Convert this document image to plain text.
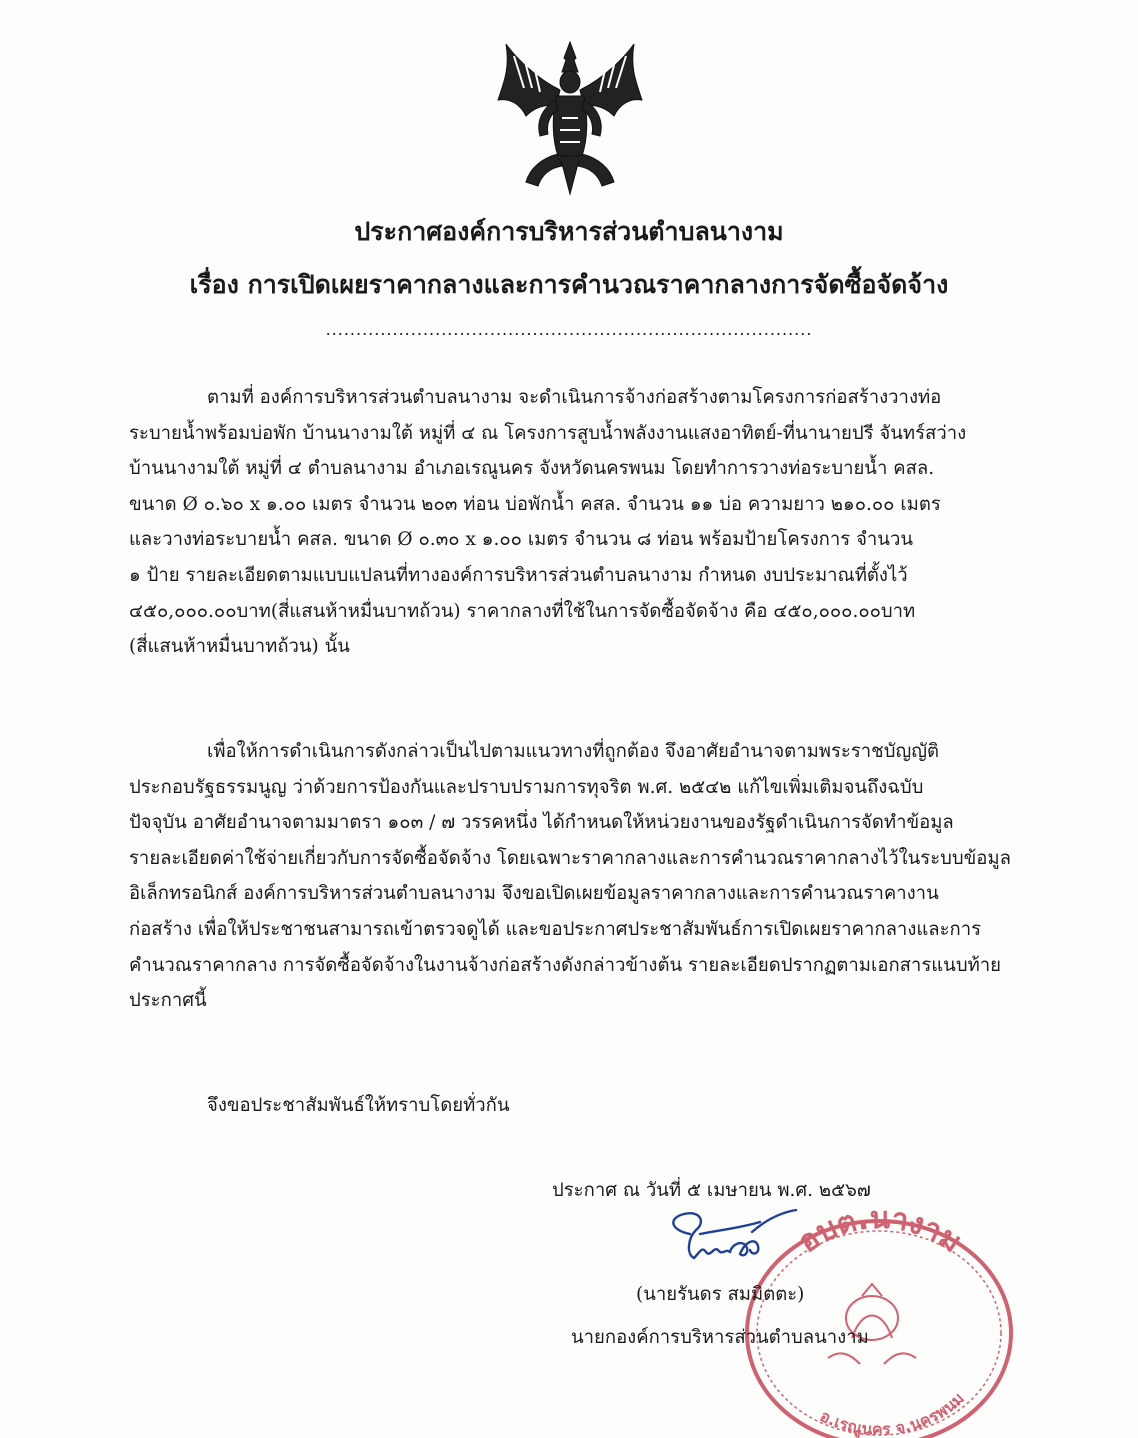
ประกาศองค์การบริหารส่วนตำบลนางาม
เรื่อง การเปิดเผยราคากลางและการคำนวณราคากลางการจัดซื้อจัดจ้าง
................................................................................
ตามที่ องค์การบริหารส่วนตำบลนางาม จะดำเนินการจ้างก่อสร้างตามโครงการก่อสร้างวางท่อ
ระบายน้ำพร้อมบ่อพัก บ้านนางามใต้ หมู่ที่ ๔ ณ โครงการสูบน้ำพลังงานแสงอาทิตย์-ที่นานายปรี จันทร์สว่าง
บ้านนางามใต้ หมู่ที่ ๔ ตำบลนางาม อำเภอเรณูนคร จังหวัดนครพนม โดยทำการวางท่อระบายน้ำ คสล.
ขนาด Ø ๐.๖๐ x ๑.๐๐ เมตร จำนวน ๒๐๓ ท่อน บ่อพักน้ำ คสล. จำนวน ๑๑ บ่อ ความยาว ๒๑๐.๐๐ เมตร
และวางท่อระบายน้ำ คสล. ขนาด Ø ๐.๓๐ x ๑.๐๐ เมตร จำนวน ๘ ท่อน พร้อมป้ายโครงการ จำนวน
๑ ป้าย รายละเอียดตามแบบแปลนที่ทางองค์การบริหารส่วนตำบลนางาม กำหนด งบประมาณที่ตั้งไว้
๔๕๐,๐๐๐.๐๐บาท(สี่แสนห้าหมื่นบาทถ้วน) ราคากลางที่ใช้ในการจัดซื้อจัดจ้าง คือ ๔๕๐,๐๐๐.๐๐บาท
(สี่แสนห้าหมื่นบาทถ้วน) นั้น
เพื่อให้การดำเนินการดังกล่าวเป็นไปตามแนวทางที่ถูกต้อง จึงอาศัยอำนาจตามพระราชบัญญัติ
ประกอบรัฐธรรมนูญ ว่าด้วยการป้องกันและปราบปรามการทุจริต พ.ศ. ๒๕๔๒ แก้ไขเพิ่มเติมจนถึงฉบับ
ปัจจุบัน อาศัยอำนาจตามมาตรา ๑๐๓ / ๗ วรรคหนึ่ง ได้กำหนดให้หน่วยงานของรัฐดำเนินการจัดทำข้อมูล
รายละเอียดค่าใช้จ่ายเกี่ยวกับการจัดซื้อจัดจ้าง โดยเฉพาะราคากลางและการคำนวณราคากลางไว้ในระบบข้อมูล
อิเล็กทรอนิกส์ องค์การบริหารส่วนตำบลนางาม จึงขอเปิดเผยข้อมูลราคากลางและการคำนวณราคางาน
ก่อสร้าง เพื่อให้ประชาชนสามารถเข้าตรวจดูได้ และขอประกาศประชาสัมพันธ์การเปิดเผยราคากลางและการ
คำนวณราคากลาง การจัดซื้อจัดจ้างในงานจ้างก่อสร้างดังกล่าวข้างต้น รายละเอียดปรากฏตามเอกสารแนบท้าย
ประกาศนี้
จึงขอประชาสัมพันธ์ให้ทราบโดยทั่วกัน
ประกาศ ณ วันที่ ๕ เมษายน พ.ศ. ๒๕๖๗
อบต.นางาม
อ.เรณูนคร จ.นครพนม
(นายรันดร สมมิตตะ)
นายกองค์การบริหารส่วนตำบลนางาม
